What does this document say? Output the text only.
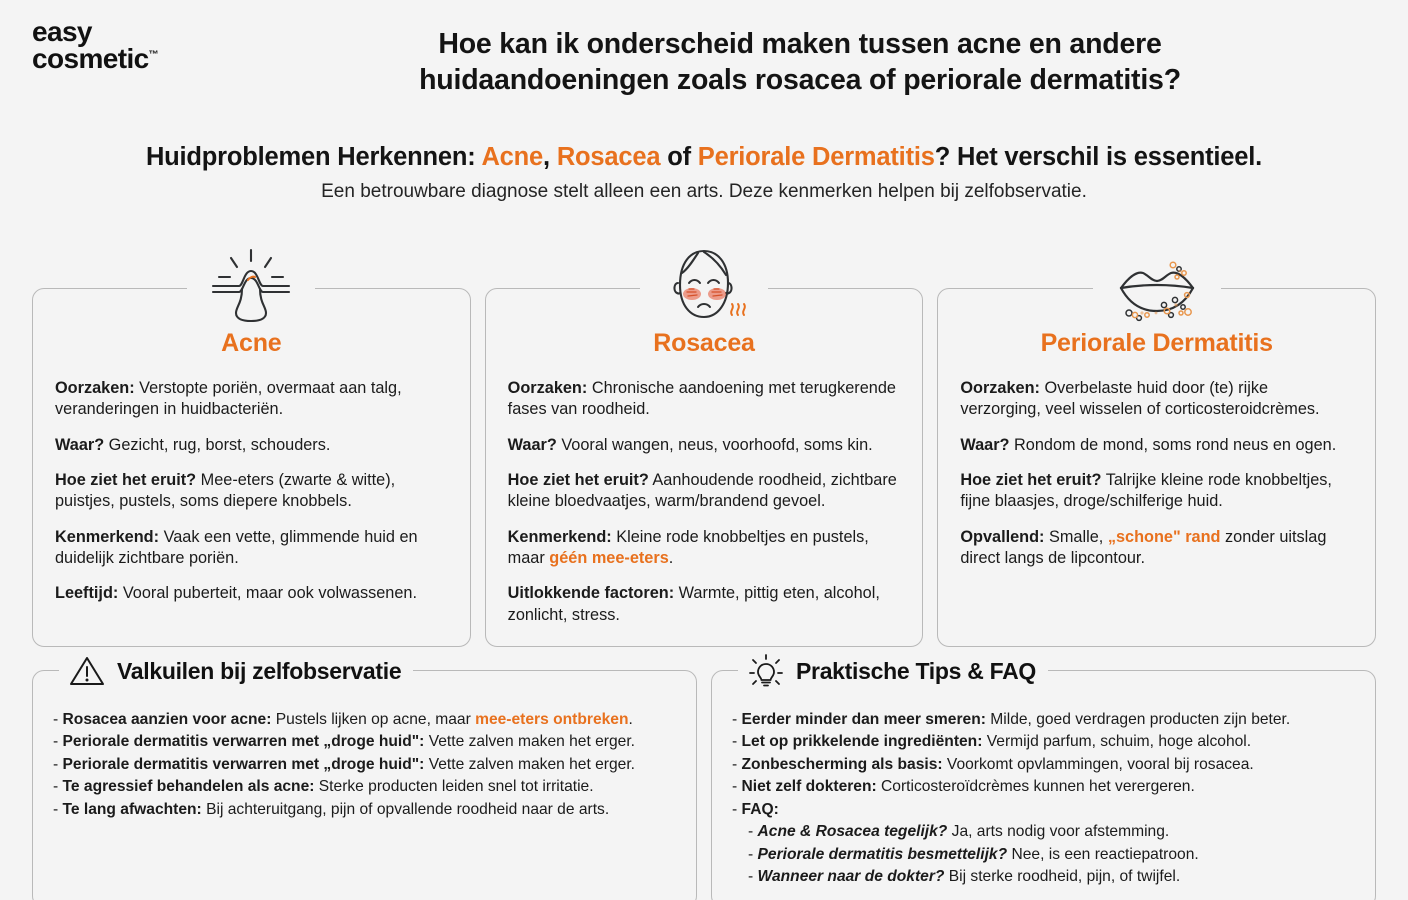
easy
cosmetic™	Hoe kan ik onderscheid maken tussen acne en andere
huidaandoeningen zoals rosacea of periorale dermatitis?
Huidproblemen Herkennen: Acne, Rosacea of Periorale Dermatitis? Het verschil is essentieel.
Een betrouwbare diagnose stelt alleen een arts. Deze kenmerken helpen bij zelfobservatie.
Acne
Oorzaken: Verstopte poriën, overmaat aan talg, veranderingen in huidbacteriën.
Waar? Gezicht, rug, borst, schouders.
Hoe ziet het eruit? Mee-eters (zwarte & witte), puistjes, pustels, soms diepere knobbels.
Kenmerkend: Vaak een vette, glimmende huid en duidelijk zichtbare poriën.
Leeftijd: Vooral puberteit, maar ook volwassenen.
Rosacea
Oorzaken: Chronische aandoening met terugkerende fases van roodheid.
Waar? Vooral wangen, neus, voorhoofd, soms kin.
Hoe ziet het eruit? Aanhoudende roodheid, zichtbare kleine bloedvaatjes, warm/brandend gevoel.
Kenmerkend: Kleine rode knobbeltjes en pustels, maar géén mee-eters.
Uitlokkende factoren: Warmte, pittig eten, alcohol, zonlicht, stress.
Periorale Dermatitis
Oorzaken: Overbelaste huid door (te) rijke verzorging, veel wisselen of corticosteroidcrèmes.
Waar? Rondom de mond, soms rond neus en ogen.
Hoe ziet het eruit? Talrijke kleine rode knobbeltjes, fijne blaasjes, droge/schilferige huid.
Opvallend: Smalle, „schone" rand zonder uitslag direct langs de lipcontour.
Valkuilen bij zelfobservatie
- Rosacea aanzien voor acne: Pustels lijken op acne, maar mee-eters ontbreken.
- Periorale dermatitis verwarren met „droge huid": Vette zalven maken het erger.
- Periorale dermatitis verwarren met „droge huid": Vette zalven maken het erger.
- Te agressief behandelen als acne: Sterke producten leiden snel tot irritatie.
- Te lang afwachten: Bij achteruitgang, pijn of opvallende roodheid naar de arts.
Praktische Tips & FAQ
- Eerder minder dan meer smeren: Milde, goed verdragen producten zijn beter.
- Let op prikkelende ingrediënten: Vermijd parfum, schuim, hoge alcohol.
- Zonbescherming als basis: Voorkomt opvlammingen, vooral bij rosacea.
- Niet zelf dokteren: Corticosteroïdcrèmes kunnen het verergeren.
- FAQ:
- Acne & Rosacea tegelijk? Ja, arts nodig voor afstemming.
- Periorale dermatitis besmettelijk? Nee, is een reactiepatroon.
- Wanneer naar de dokter? Bij sterke roodheid, pijn, of twijfel.
